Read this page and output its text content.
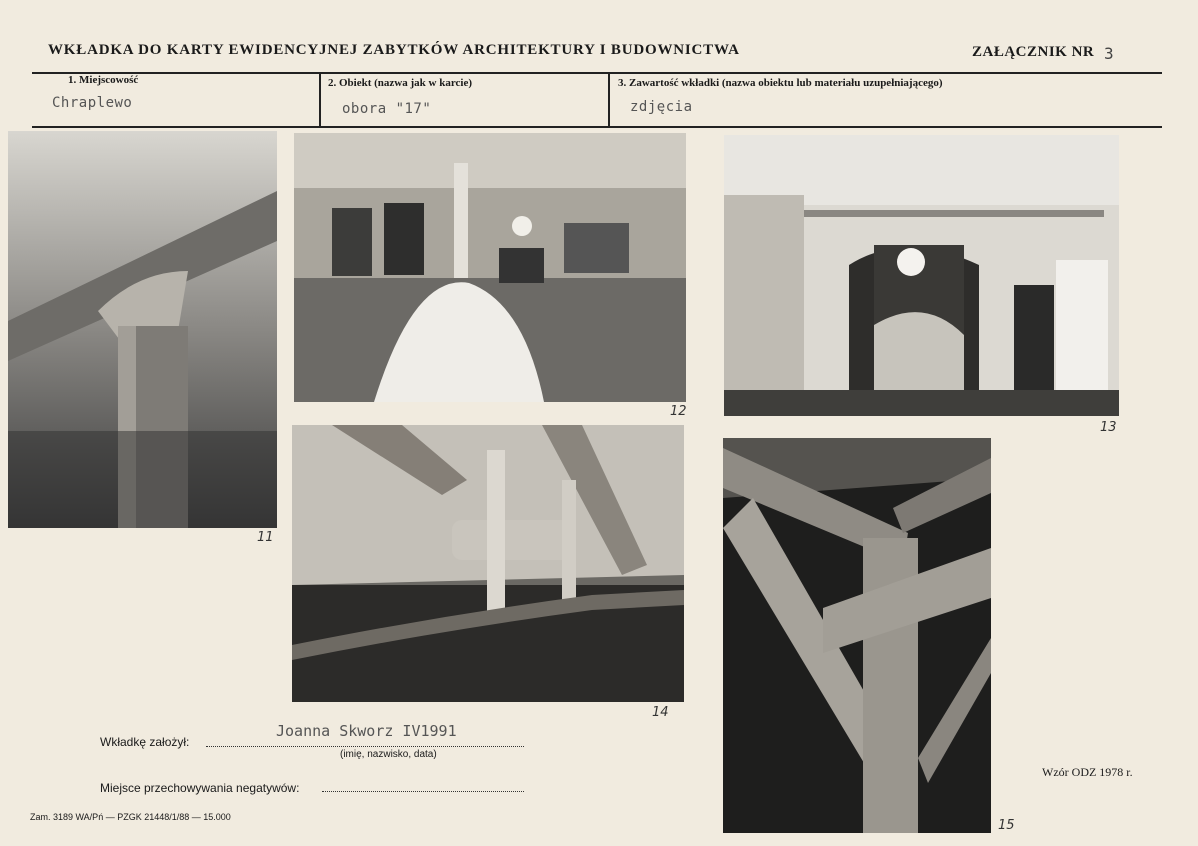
WKŁADKA DO KARTY EWIDENCYJNEJ ZABYTKÓW ARCHITEKTURY I BUDOWNICTWA	ZAŁĄCZNIK NR 3
1. Miejscowość
Chraplewo
2. Obiekt (nazwa jak w karcie)
obora "17"
3. Zawartość wkładki (nazwa obiektu lub materiału uzupełniającego)
zdjęcia
11
12
13
14
15
Wkładkę założył:
Joanna Skworz IV1991
(imię, nazwisko, data)
Miejsce przechowywania negatywów:
Wzór ODZ 1978 r.
Zam. 3189 WA/Pń — PZGK 21448/1/88 — 15.000
